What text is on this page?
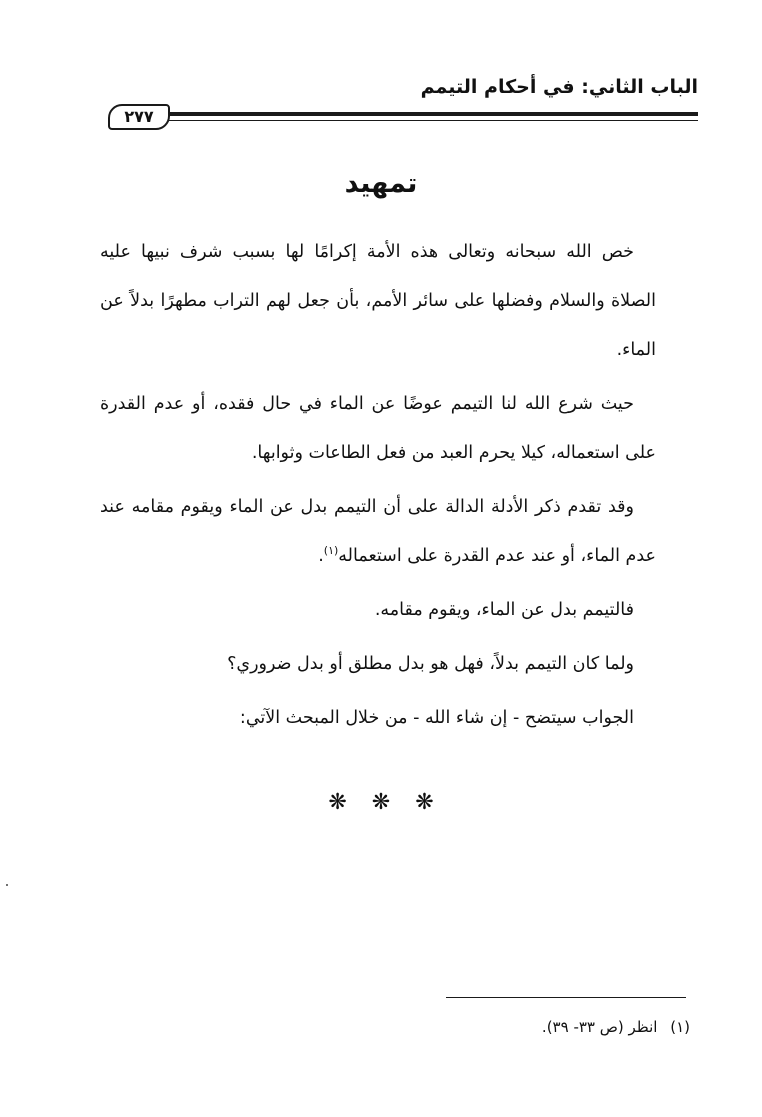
الباب الثاني: في أحكام التيمم
٢٧٧
تمهيد

خص الله سبحانه وتعالى هذه الأمة إكرامًا لها بسبب شرف نبيها عليه الصلاة والسلام وفضلها على سائر الأمم، بأن جعل لهم التراب مطهرًا بدلاً عن الماء.

حيث شرع الله لنا التيمم عوضًا عن الماء في حال فقده، أو عدم القدرة على استعماله، كيلا يحرم العبد من فعل الطاعات وثوابها.

وقد تقدم ذكر الأدلة الدالة على أن التيمم بدل عن الماء ويقوم مقامه عند عدم الماء، أو عند عدم القدرة على استعماله$^{(١)}$.

فالتيمم بدل عن الماء، ويقوم مقامه.

ولما كان التيمم بدلاً، فهل هو بدل مطلق أو بدل ضروري؟

الجواب سيتضح - إن شاء الله - من خلال المبحث الآتي:

❋ ❋ ❋
(١) انظر (ص ٣٣- ٣٩).
